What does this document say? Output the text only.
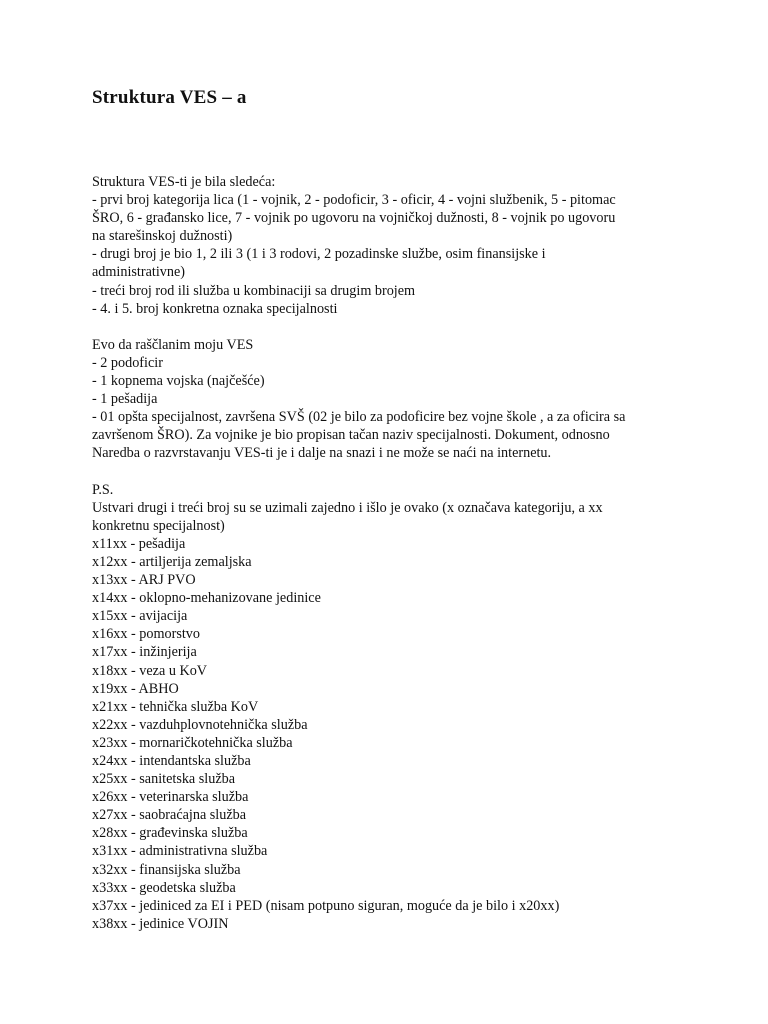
Struktura VES – a
Struktura VES-ti je bila sledeća:
- prvi broj kategorija lica (1 - vojnik, 2 - podoficir, 3 - oficir, 4 - vojni službenik, 5 - pitomac
ŠRO, 6 - građansko lice, 7 - vojnik po ugovoru na vojničkoj dužnosti, 8 - vojnik po ugovoru
na starešinskoj dužnosti)
- drugi broj je bio 1, 2 ili 3 (1 i 3 rodovi, 2 pozadinske službe, osim finansijske i
administrativne)
- treći broj rod ili služba u kombinaciji sa drugim brojem
- 4. i 5. broj konkretna oznaka specijalnosti
Evo da raščlanim moju VES
- 2 podoficir
- 1 kopnema vojska (najčešće)
- 1 pešadija
- 01 opšta specijalnost, završena SVŠ (02 je bilo za podoficire bez vojne škole , a za oficira sa
završenom ŠRO). Za vojnike je bio propisan tačan naziv specijalnosti. Dokument, odnosno
Naredba o razvrstavanju VES-ti je i dalje na snazi i ne može se naći na internetu.
P.S.
Ustvari drugi i treći broj su se uzimali zajedno i išlo je ovako (x označava kategoriju, a xx
konkretnu specijalnost)
x11xx - pešadija
x12xx - artiljerija zemaljska
x13xx - ARJ PVO
x14xx - oklopno-mehanizovane jedinice
x15xx - avijacija
x16xx - pomorstvo
x17xx - inžinjerija
x18xx - veza u KoV
x19xx - ABHO
x21xx - tehnička služba KoV
x22xx - vazduhplovnotehnička služba
x23xx - mornaričkotehnička služba
x24xx - intendantska služba
x25xx - sanitetska služba
x26xx - veterinarska služba
x27xx - saobraćajna služba
x28xx - građevinska služba
x31xx - administrativna služba
x32xx - finansijska služba
x33xx - geodetska služba
x37xx - jediniced za EI i PED (nisam potpuno siguran, moguće da je bilo i x20xx)
x38xx - jedinice VOJIN
